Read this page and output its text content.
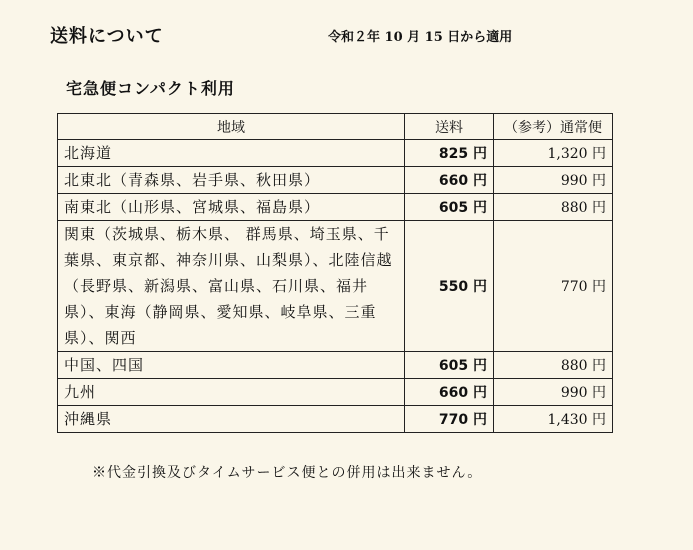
送料について	令和２年 10 月 15 日から適用
宅急便コンパクト利用
地域	送料	（参考）通常便
北海道	825 円	1,320 円
北東北（青森県、岩手県、秋田県）	660 円	990 円
南東北（山形県、宮城県、福島県）	605 円	880 円
関東（茨城県、栃木県、 群馬県、埼玉県、千葉県、東京都、神奈川県、山梨県）、北陸信越（長野県、新潟県、富山県、石川県、福井県）、東海（静岡県、愛知県、岐阜県、三重県）、関西	550 円	770 円
中国、四国	605 円	880 円
九州	660 円	990 円
沖縄県	770 円	1,430 円
※代金引換及びタイムサービス便との併用は出来ません。
